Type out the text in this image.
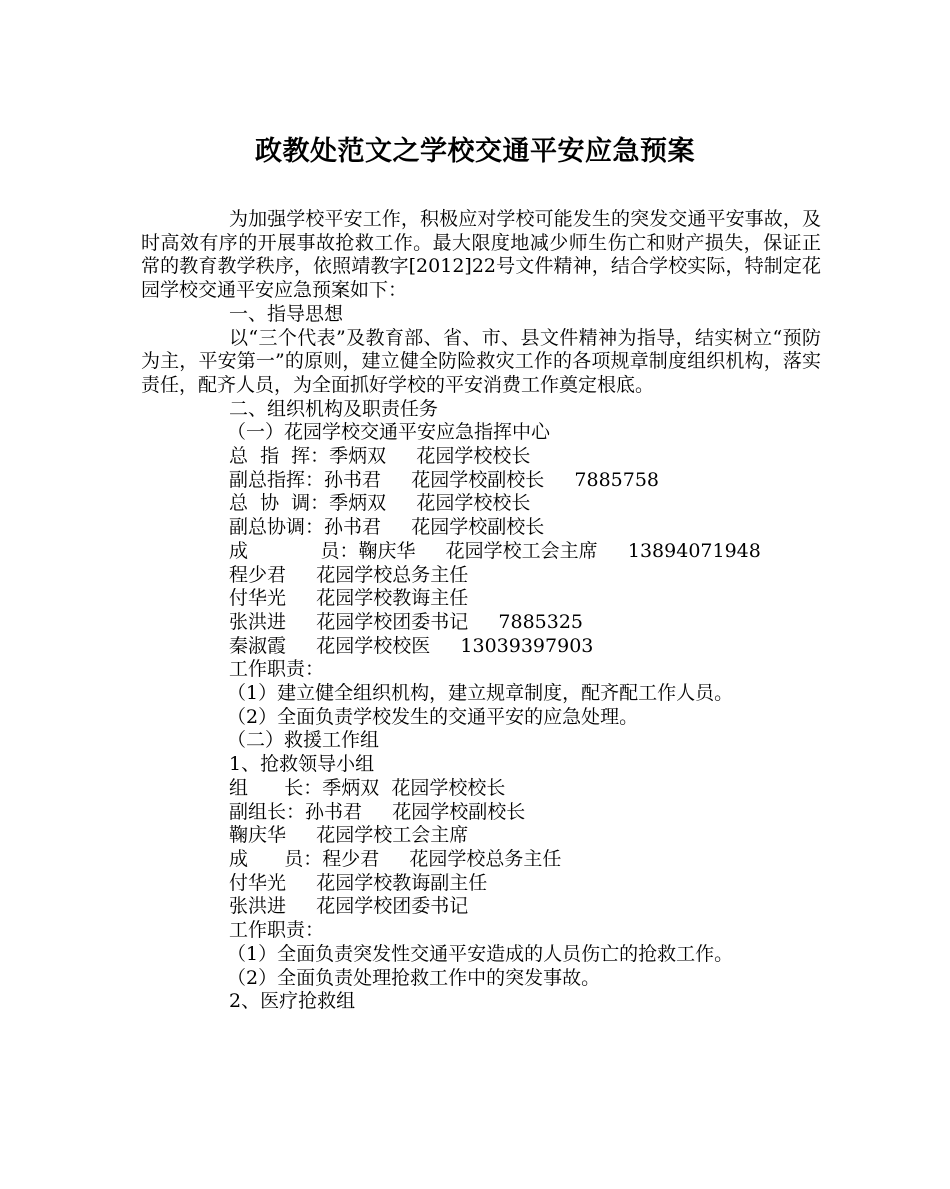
政教处范文之学校交通平安应急预案

为加强学校平安工作，积极应对学校可能发生的突发交通平安事故，及时高效有序的开展事故抢救工作。最大限度地减少师生伤亡和财产损失，保证正常的教育教学秩序，依照靖教字[2012]22号文件精神，结合学校实际，特制定花园学校交通平安应急预案如下：

一、指导思想

以“三个代表”及教育部、省、市、县文件精神为指导，结实树立“预防为主，平安第一”的原则，建立健全防险救灾工作的各项规章制度组织机构，落实责任，配齐人员，为全面抓好学校的平安消费工作奠定根底。

二、组织机构及职责任务

（一）花园学校交通平安应急指挥中心

总  指  挥：季炳双     花园学校校长

副总指挥：孙书君     花园学校副校长     7885758

总  协  调：季炳双     花园学校校长

副总协调：孙书君     花园学校副校长

成            员：鞠庆华     花园学校工会主席     13894071948

程少君     花园学校总务主任

付华光     花园学校教诲主任

张洪进     花园学校团委书记     7885325

秦淑霞     花园学校校医     13039397903

工作职责：

（1）建立健全组织机构，建立规章制度，配齐配工作人员。

（2）全面负责学校发生的交通平安的应急处理。

（二）救援工作组

1、抢救领导小组

组      长：季炳双  花园学校校长

副组长：孙书君     花园学校副校长

鞠庆华     花园学校工会主席

成      员：程少君     花园学校总务主任

付华光     花园学校教诲副主任

张洪进     花园学校团委书记

工作职责：

（1）全面负责突发性交通平安造成的人员伤亡的抢救工作。

（2）全面负责处理抢救工作中的突发事故。

2、医疗抢救组
